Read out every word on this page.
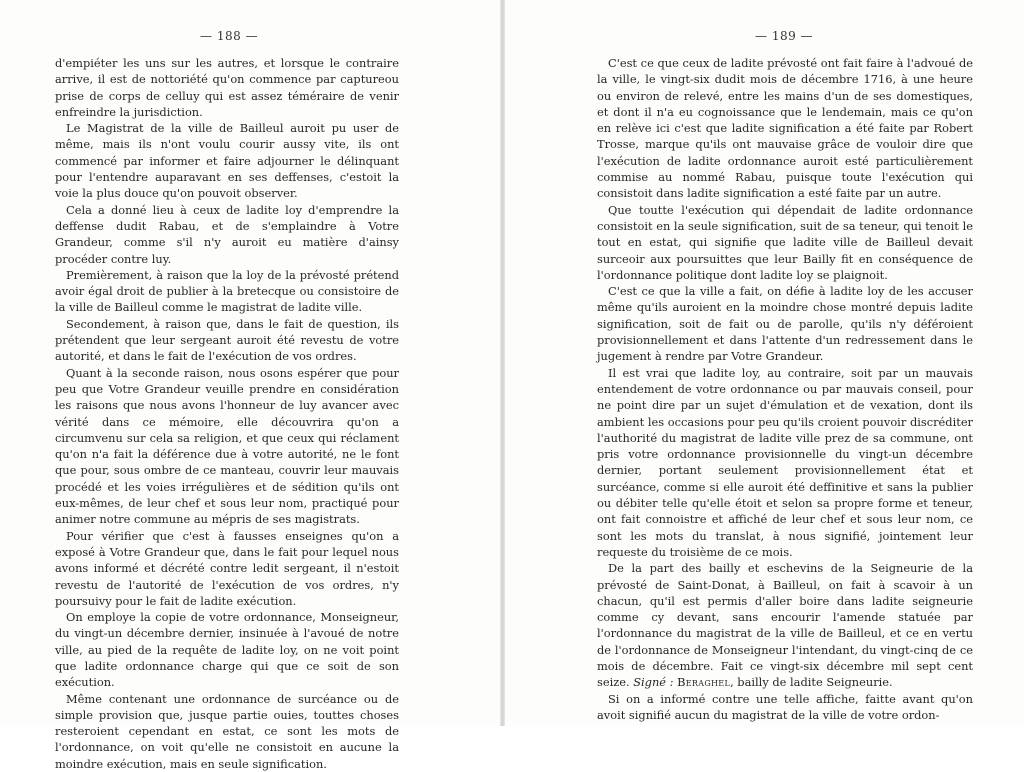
— 188 —

d'empiéter les uns sur les autres, et lorsque le contraire arrive, il est de nottoriété qu'on commence par captureou prise de corps de celluy qui est assez téméraire de venir enfreindre la jurisdiction.

Le Magistrat de la ville de Bailleul auroit pu user de même, mais ils n'ont voulu courir aussy vite, ils ont commencé par informer et faire adjourner le délinquant pour l'entendre auparavant en ses deffenses, c'estoit la voie la plus douce qu'on pouvoit observer.

Cela a donné lieu à ceux de ladite loy d'emprendre la deffense dudit Rabau, et de s'emplaindre à Votre Grandeur, comme s'il n'y auroit eu matière d'ainsy procéder contre luy.

Premièrement, à raison que la loy de la prévosté prétend avoir égal droit de publier à la bretecque ou consistoire de la ville de Bailleul comme le magistrat de ladite ville.

Secondement, à raison que, dans le fait de question, ils prétendent que leur sergeant auroit été revestu de votre autorité, et dans le fait de l'exécution de vos ordres.

Quant à la seconde raison, nous osons espérer que pour peu que Votre Grandeur veuille prendre en considération les raisons que nous avons l'honneur de luy avancer avec vérité dans ce mémoire, elle découvrira qu'on a circumvenu sur cela sa religion, et que ceux qui réclament qu'on n'a fait la déférence due à votre autorité, ne le font que pour, sous ombre de ce manteau, couvrir leur mauvais procédé et les voies irrégulières et de sédition qu'ils ont eux-mêmes, de leur chef et sous leur nom, practiqué pour animer notre commune au mépris de ses magistrats.

Pour vérifier que c'est à fausses enseignes qu'on a exposé à Votre Grandeur que, dans le fait pour lequel nous avons informé et décrété contre ledit sergeant, il n'estoit revestu de l'autorité de l'exécution de vos ordres, n'y poursuivy pour le fait de ladite exécution.

On employe la copie de votre ordonnance, Monseigneur, du vingt-un décembre dernier, insinuée à l'avoué de notre ville, au pied de la requête de ladite loy, on ne voit point que ladite ordonnance charge qui que ce soit de son exécution.

Même contenant une ordonnance de surcéance ou de simple provision que, jusque partie ouies, touttes choses resteroient cependant en estat, ce sont les mots de l'ordonnance, on voit qu'elle ne consistoit en aucune la moindre exécution, mais en seule signification.

— 189 —

C'est ce que ceux de ladite prévosté ont fait faire à l'advoué de la ville, le vingt-six dudit mois de décembre 1716, à une heure ou environ de relevé, entre les mains d'un de ses domestiques, et dont il n'a eu cognoissance que le lendemain, mais ce qu'on en relève ici c'est que ladite signification a été faite par Robert Trosse, marque qu'ils ont mauvaise grâce de vouloir dire que l'exécution de ladite ordonnance auroit esté particulièrement commise au nommé Rabau, puisque toute l'exécution qui consistoit dans ladite signification a esté faite par un autre.

Que toutte l'exécution qui dépendait de ladite ordonnance consistoit en la seule signification, suit de sa teneur, qui tenoit le tout en estat, qui signifie que ladite ville de Bailleul devait surceoir aux poursuittes que leur Bailly fit en conséquence de l'ordonnance politique dont ladite loy se plaignoit.

C'est ce que la ville a fait, on défie à ladite loy de les accuser même qu'ils auroient en la moindre chose montré depuis ladite signification, soit de fait ou de parolle, qu'ils n'y déféroient provisionnellement et dans l'attente d'un redressement dans le jugement à rendre par Votre Grandeur.

Il est vrai que ladite loy, au contraire, soit par un mauvais entendement de votre ordonnance ou par mauvais conseil, pour ne point dire par un sujet d'émulation et de vexation, dont ils ambient les occasions pour peu qu'ils croient pouvoir discréditer l'authorité du magistrat de ladite ville prez de sa commune, ont pris votre ordonnance provisionnelle du vingt-un décembre dernier, portant seulement provisionnellement état et surcéance, comme si elle auroit été deffinitive et sans la publier ou débiter telle qu'elle étoit et selon sa propre forme et teneur, ont fait connoistre et affiché de leur chef et sous leur nom, ce sont les mots du translat, à nous signifié, jointement leur requeste du troisième de ce mois.

De la part des bailly et eschevins de la Seigneurie de la prévosté de Saint-Donat, à Bailleul, on fait à scavoir à un chacun, qu'il est permis d'aller boire dans ladite seigneurie comme cy devant, sans encourir l'amende statuée par l'ordonnance du magistrat de la ville de Bailleul, et ce en vertu de l'ordonnance de Monseigneur l'intendant, du vingt-cinq de ce mois de décembre. Fait ce vingt-six décembre mil sept cent seize. Signé : Beraghel, bailly de ladite Seigneurie.

Si on a informé contre une telle affiche, faitte avant qu'on avoit signifié aucun du magistrat de la ville de votre ordon-
